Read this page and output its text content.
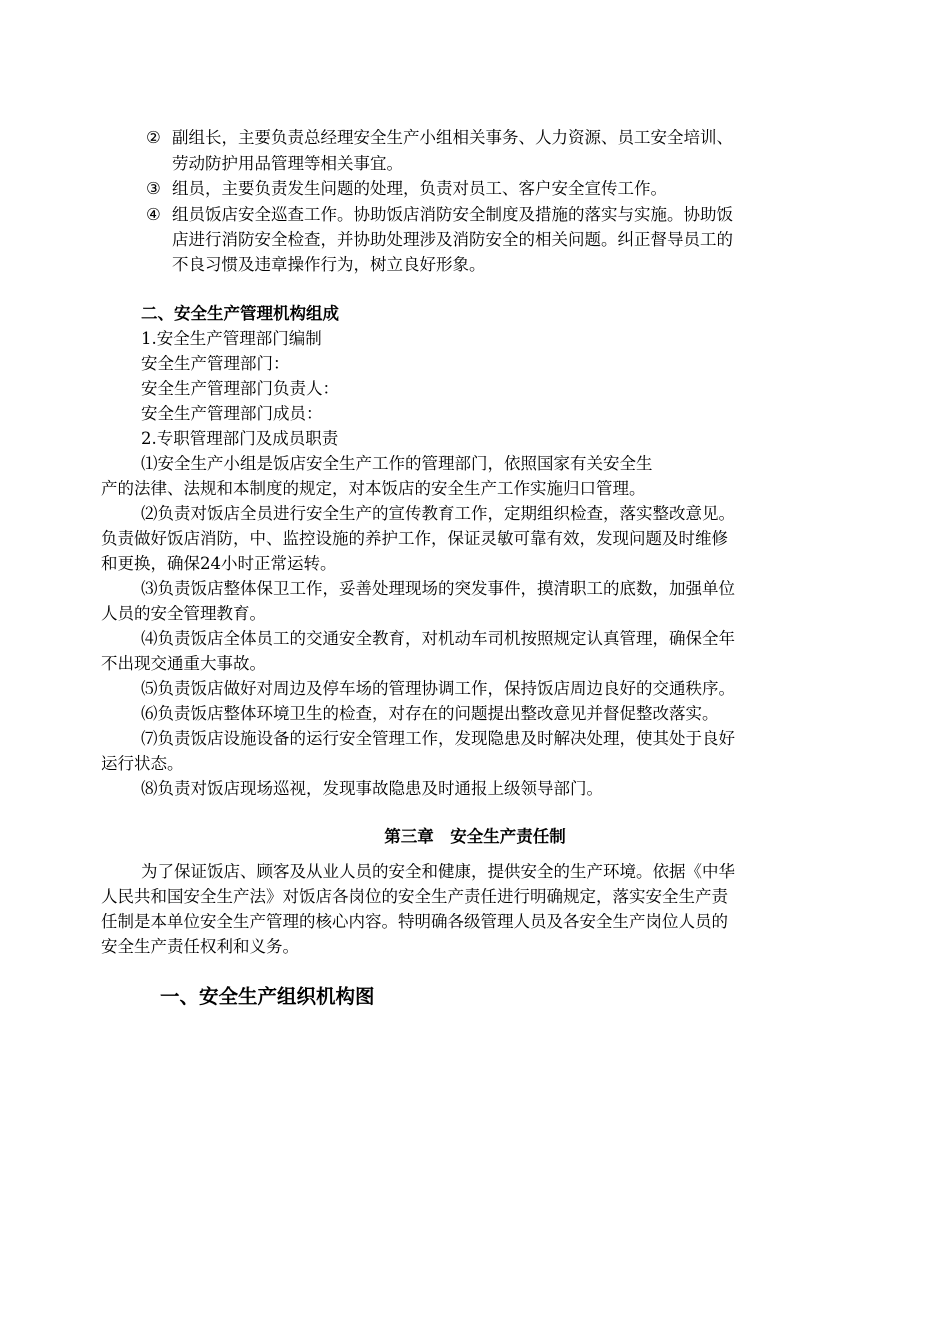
② 副组长，主要负责总经理安全生产小组相关事务、人力资源、员工安全培训、
劳动防护用品管理等相关事宜。
③ 组员，主要负责发生问题的处理，负责对员工、客户安全宣传工作。
④ 组员饭店安全巡查工作。协助饭店消防安全制度及措施的落实与实施。协助饭
店进行消防安全检查，并协助处理涉及消防安全的相关问题。纠正督导员工的
不良习惯及违章操作行为，树立良好形象。
二、安全生产管理机构组成
1.安全生产管理部门编制
安全生产管理部门：
安全生产管理部门负责人：
安全生产管理部门成员：
2.专职管理部门及成员职责
⑴安全生产小组是饭店安全生产工作的管理部门，依照国家有关安全生
产的法律、法规和本制度的规定，对本饭店的安全生产工作实施归口管理。
⑵负责对饭店全员进行安全生产的宣传教育工作，定期组织检查，落实整改意见。
负责做好饭店消防，中、监控设施的养护工作，保证灵敏可靠有效，发现问题及时维修
和更换，确保24小时正常运转。
⑶负责饭店整体保卫工作，妥善处理现场的突发事件，摸清职工的底数，加强单位
人员的安全管理教育。
⑷负责饭店全体员工的交通安全教育，对机动车司机按照规定认真管理，确保全年
不出现交通重大事故。
⑸负责饭店做好对周边及停车场的管理协调工作，保持饭店周边良好的交通秩序。
⑹负责饭店整体环境卫生的检查，对存在的问题提出整改意见并督促整改落实。
⑺负责饭店设施设备的运行安全管理工作，发现隐患及时解决处理，使其处于良好
运行状态。
⑻负责对饭店现场巡视，发现事故隐患及时通报上级领导部门。
第三章　安全生产责任制
为了保证饭店、顾客及从业人员的安全和健康，提供安全的生产环境。依据《中华
人民共和国安全生产法》对饭店各岗位的安全生产责任进行明确规定，落实安全生产责
任制是本单位安全生产管理的核心内容。特明确各级管理人员及各安全生产岗位人员的
安全生产责任权利和义务。
一、安全生产组织机构图
